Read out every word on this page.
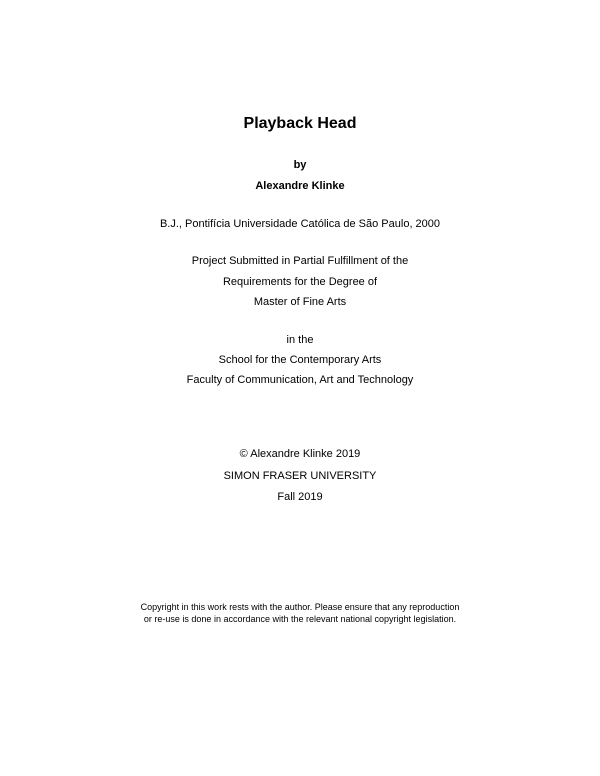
Playback Head
by
Alexandre Klinke
B.J., Pontifícia Universidade Católica de São Paulo, 2000
Project Submitted in Partial Fulfillment of the
Requirements for the Degree of
Master of Fine Arts
in the
School for the Contemporary Arts
Faculty of Communication, Art and Technology
© Alexandre Klinke 2019
SIMON FRASER UNIVERSITY
Fall 2019
Copyright in this work rests with the author. Please ensure that any reproduction
or re-use is done in accordance with the relevant national copyright legislation.
